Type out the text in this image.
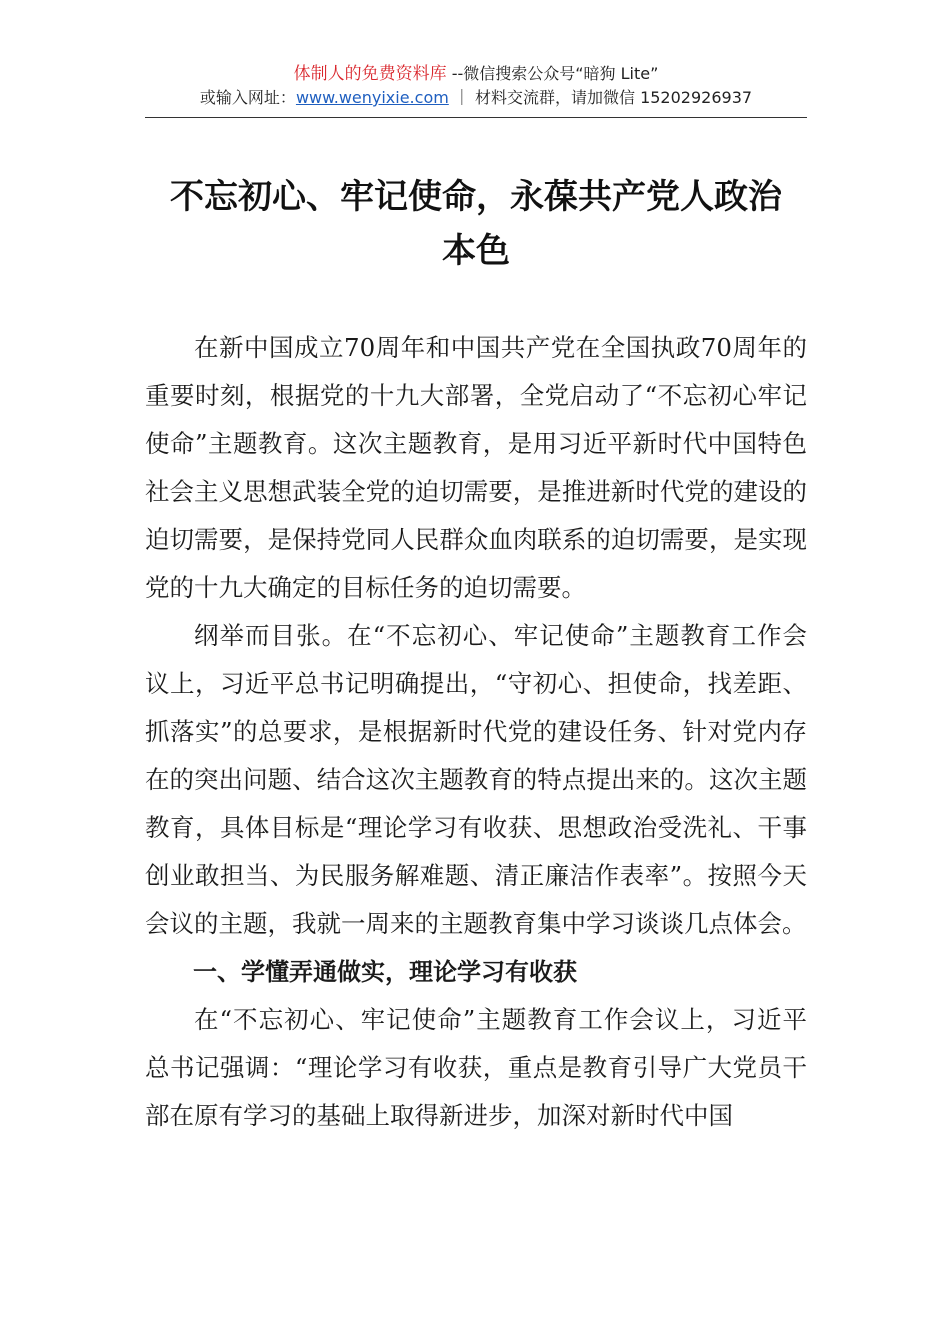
体制人的免费资料库 --微信搜索公众号“暗狗 Lite”
或输入网址：www.wenyixie.com ｜ 材料交流群，请加微信 15202926937
不忘初心、牢记使命，永葆共产党人政治
本色

在新中国成立70周年和中国共产党在全国执政70周年的重要时刻，根据党的十九大部署，全党启动了“不忘初心牢记使命”主题教育。这次主题教育，是用习近平新时代中国特色社会主义思想武装全党的迫切需要，是推进新时代党的建设的迫切需要，是保持党同人民群众血肉联系的迫切需要，是实现党的十九大确定的目标任务的迫切需要。

纲举而目张。在“不忘初心、牢记使命”主题教育工作会议上，习近平总书记明确提出，“守初心、担使命，找差距、抓落实”的总要求，是根据新时代党的建设任务、针对党内存在的突出问题、结合这次主题教育的特点提出来的。这次主题教育，具体目标是“理论学习有收获、思想政治受洗礼、干事创业敢担当、为民服务解难题、清正廉洁作表率”。按照今天会议的主题，我就一周来的主题教育集中学习谈谈几点体会。

一、学懂弄通做实，理论学习有收获

在“不忘初心、牢记使命”主题教育工作会议上，习近平总书记强调：“理论学习有收获，重点是教育引导广大党员干部在原有学习的基础上取得新进步，加深对新时代中国
